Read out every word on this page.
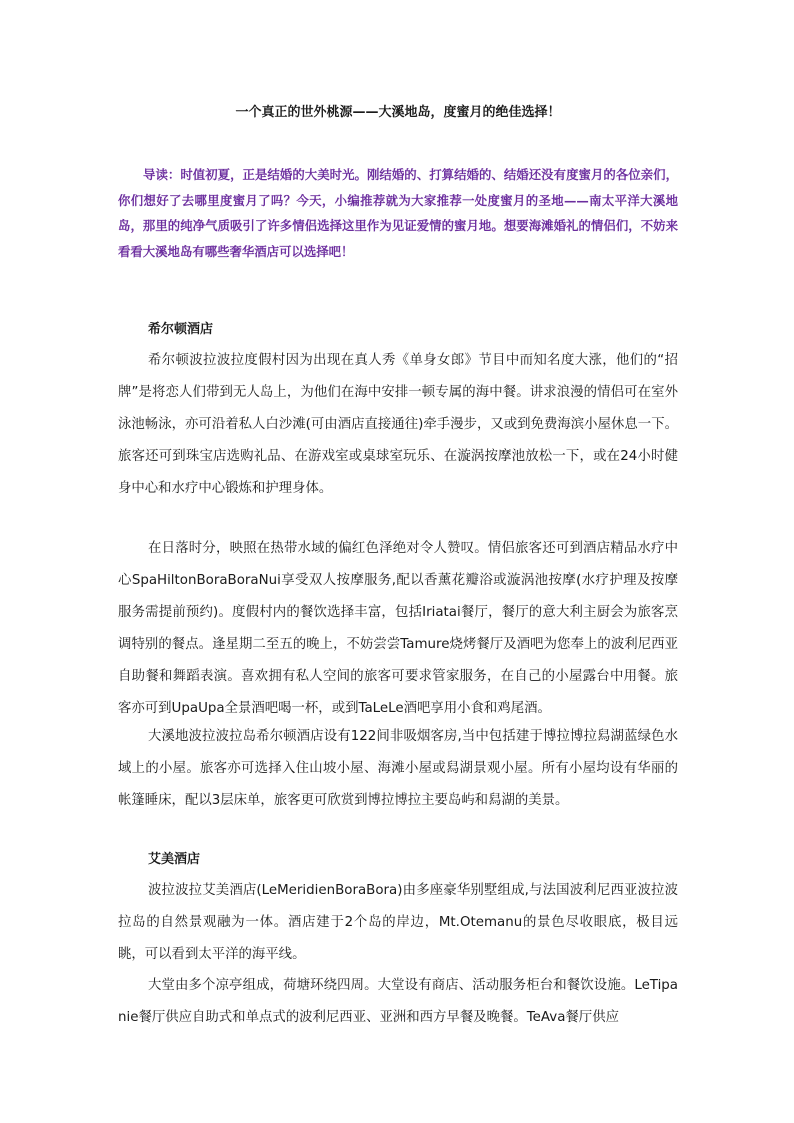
一个真正的世外桃源——大溪地岛，度蜜月的绝佳选择！
导读：时值初夏，正是结婚的大美时光。刚结婚的、打算结婚的、结婚还没有度蜜月的各位亲们，你们想好了去哪里度蜜月了吗？今天，小编推荐就为大家推荐一处度蜜月的圣地——南太平洋大溪地岛，那里的纯净气质吸引了许多情侣选择这里作为见证爱情的蜜月地。想要海滩婚礼的情侣们，不妨来看看大溪地岛有哪些奢华酒店可以选择吧！
希尔顿酒店
希尔顿波拉波拉度假村因为出现在真人秀《单身女郎》节目中而知名度大涨，他们的“招牌”是将恋人们带到无人岛上，为他们在海中安排一顿专属的海中餐。讲求浪漫的情侣可在室外泳池畅泳，亦可沿着私人白沙滩(可由酒店直接通往)牵手漫步，又或到免费海滨小屋休息一下。旅客还可到珠宝店选购礼品、在游戏室或桌球室玩乐、在漩涡按摩池放松一下，或在24小时健身中心和水疗中心锻炼和护理身体。
在日落时分，映照在热带水域的偏红色泽绝对令人赞叹。情侣旅客还可到酒店精品水疗中心SpaHiltonBoraBoraNui享受双人按摩服务,配以香薰花瓣浴或漩涡池按摩(水疗护理及按摩服务需提前预约)。度假村内的餐饮选择丰富，包括Iriatai餐厅，餐厅的意大利主厨会为旅客烹调特别的餐点。逢星期二至五的晚上，不妨尝尝Tamure烧烤餐厅及酒吧为您奉上的波利尼西亚自助餐和舞蹈表演。喜欢拥有私人空间的旅客可要求管家服务，在自己的小屋露台中用餐。旅客亦可到UpaUpa全景酒吧喝一杯，或到TaLeLe酒吧享用小食和鸡尾酒。
大溪地波拉波拉岛希尔顿酒店设有122间非吸烟客房,当中包括建于博拉博拉舄湖蓝绿色水域上的小屋。旅客亦可选择入住山坡小屋、海滩小屋或舄湖景观小屋。所有小屋均设有华丽的帐篷睡床，配以3层床单，旅客更可欣赏到博拉博拉主要岛屿和舄湖的美景。
艾美酒店
波拉波拉艾美酒店(LeMeridienBoraBora)由多座豪华别墅组成,与法国波利尼西亚波拉波拉岛的自然景观融为一体。酒店建于2个岛的岸边，Mt.Otemanu的景色尽收眼底，极目远眺，可以看到太平洋的海平线。
大堂由多个凉亭组成，荷塘环绕四周。大堂设有商店、活动服务柜台和餐饮设施。LeTipanie餐厅供应自助式和单点式的波利尼西亚、亚洲和西方早餐及晚餐。TeAva餐厅供应
